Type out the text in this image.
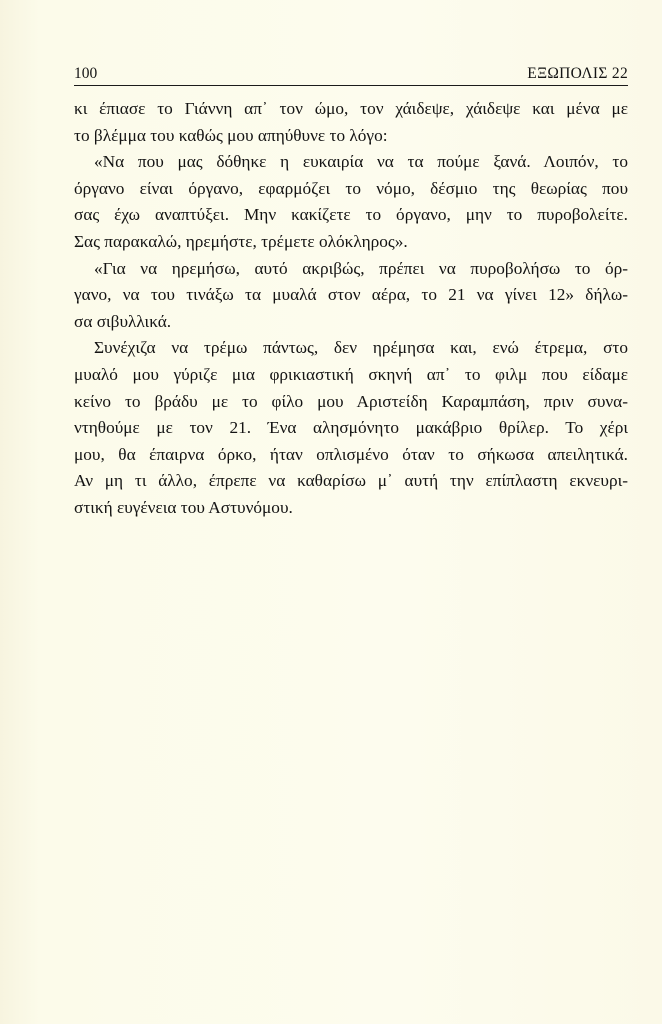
100	ΕΞΩΠΟΛΙΣ 22
κι έπιασε το Γιάννη απ᾽ τον ώμο, τον χάιδεψε, χάιδεψε και μένα με
το βλέμμα του καθώς μου απηύθυνε το λόγο:
«Να που μας δόθηκε η ευκαιρία να τα πούμε ξανά. Λοιπόν, το
όργανο είναι όργανο, εφαρμόζει το νόμο, δέσμιο της θεωρίας που
σας έχω αναπτύξει. Μην κακίζετε το όργανο, μην το πυροβολείτε.
Σας παρακαλώ, ηρεμήστε, τρέμετε ολόκληρος».
«Για να ηρεμήσω, αυτό ακριβώς, πρέπει να πυροβολήσω το όρ-
γανο, να του τινάξω τα μυαλά στον αέρα, το 21 να γίνει 12» δήλω-
σα σιβυλλικά.
Συνέχιζα να τρέμω πάντως, δεν ηρέμησα και, ενώ έτρεμα, στο
μυαλό μου γύριζε μια φρικιαστική σκηνή απ᾽ το φιλμ που είδαμε
κείνο το βράδυ με το φίλο μου Αριστείδη Καραμπάση, πριν συνα-
ντηθούμε με τον 21. Ένα αλησμόνητο μακάβριο θρίλερ. Το χέρι
μου, θα έπαιρνα όρκο, ήταν οπλισμένο όταν το σήκωσα απειλητικά.
Αν μη τι άλλο, έπρεπε να καθαρίσω μ᾽ αυτή την επίπλαστη εκνευρι-
στική ευγένεια του Αστυνόμου.
